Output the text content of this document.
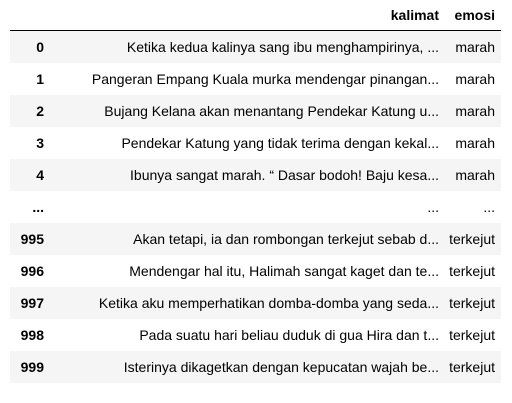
	kalimat	emosi
0	Ketika kedua kalinya sang ibu menghampirinya, ...	marah
1	Pangeran Empang Kuala murka mendengar pinangan...	marah
2	Bujang Kelana akan menantang Pendekar Katung u...	marah
3	Pendekar Katung yang tidak terima dengan kekal...	marah
4	Ibunya sangat marah. “ Dasar bodoh! Baju kesa...	marah
...	...	...
995	Akan tetapi, ia dan rombongan terkejut sebab d...	terkejut
996	Mendengar hal itu, Halimah sangat kaget dan te...	terkejut
997	Ketika aku memperhatikan domba-domba yang seda...	terkejut
998	Pada suatu hari beliau duduk di gua Hira dan t...	terkejut
999	Isterinya dikagetkan dengan kepucatan wajah be...	terkejut
